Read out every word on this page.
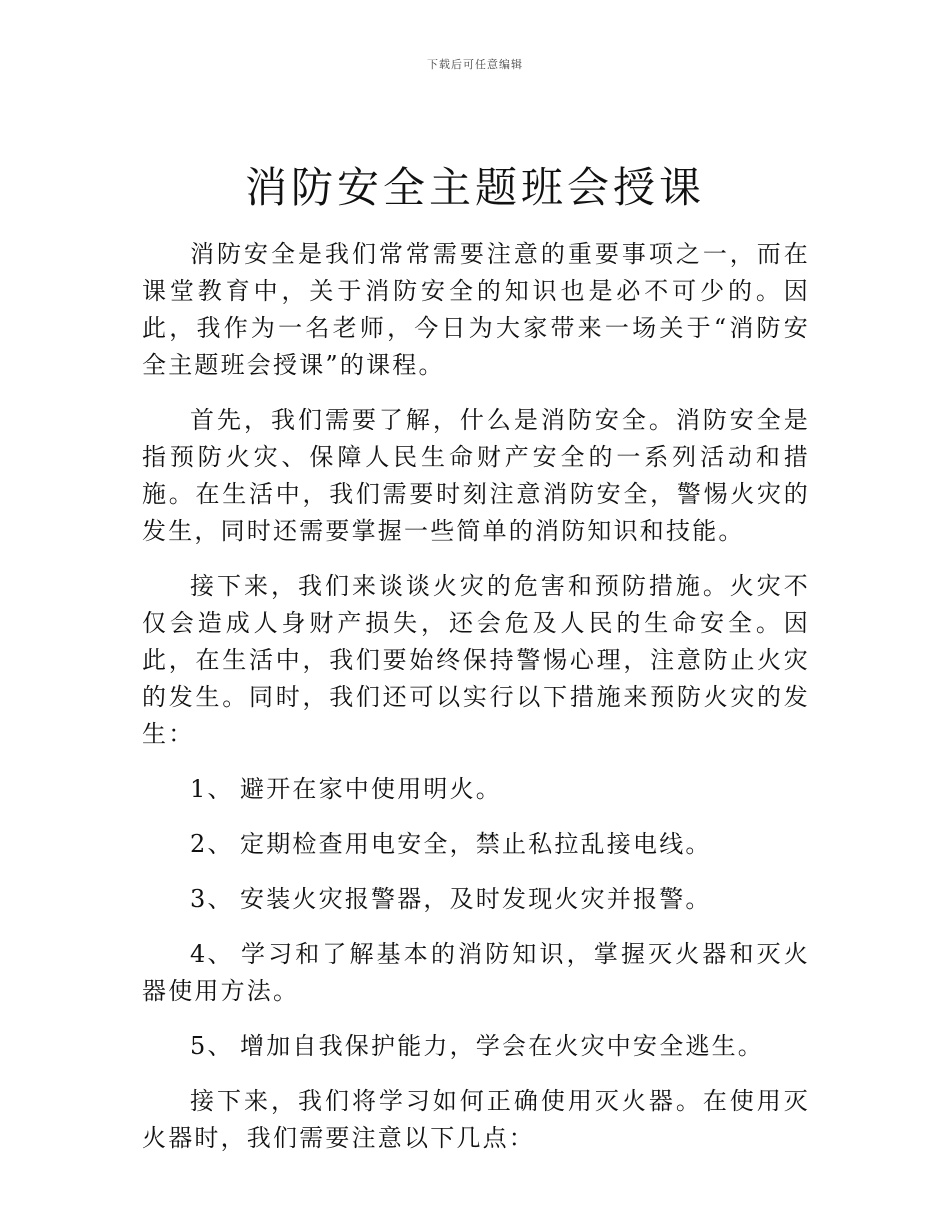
下载后可任意编辑
消防安全主题班会授课

消防安全是我们常常需要注意的重要事项之一，而在课堂教育中，关于消防安全的知识也是必不可少的。因此，我作为一名老师，今日为大家带来一场关于“消防安全主题班会授课”的课程。

首先，我们需要了解，什么是消防安全。消防安全是指预防火灾、保障人民生命财产安全的一系列活动和措施。在生活中，我们需要时刻注意消防安全，警惕火灾的发生，同时还需要掌握一些简单的消防知识和技能。

接下来，我们来谈谈火灾的危害和预防措施。火灾不仅会造成人身财产损失，还会危及人民的生命安全。因此，在生活中，我们要始终保持警惕心理，注意防止火灾的发生。同时，我们还可以实行以下措施来预防火灾的发生：

1、 避开在家中使用明火。

2、 定期检查用电安全，禁止私拉乱接电线。

3、 安装火灾报警器，及时发现火灾并报警。

4、 学习和了解基本的消防知识，掌握灭火器和灭火器使用方法。

5、 增加自我保护能力，学会在火灾中安全逃生。

接下来，我们将学习如何正确使用灭火器。在使用灭火器时，我们需要注意以下几点：
